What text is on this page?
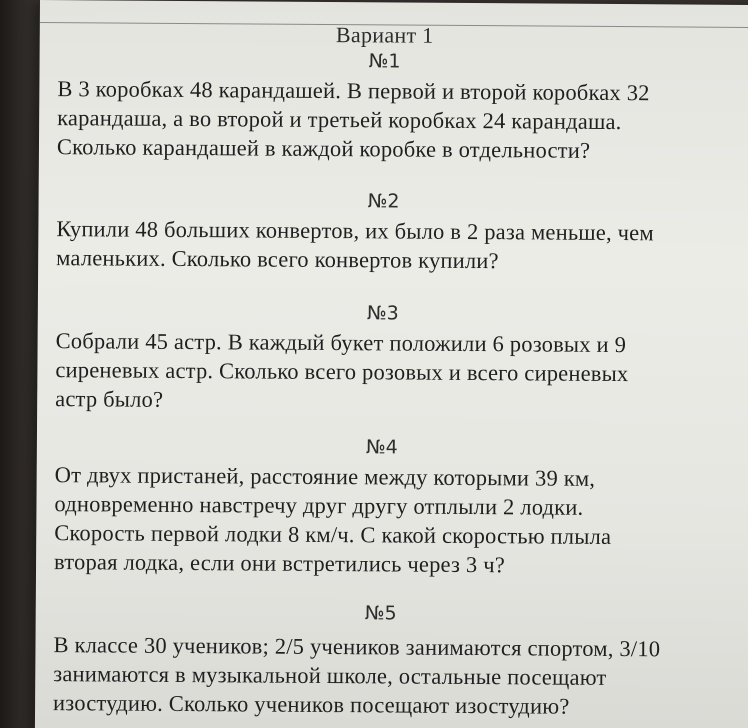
Вариант 1
№1
В 3 коробках 48 карандашей. В первой и второй коробках 32
карандаша, а во второй и третьей коробках 24 карандаша.
Сколько карандашей в каждой коробке в отдельности?
№2
Купили 48 больших конвертов, их было в 2 раза меньше, чем
маленьких. Сколько всего конвертов купили?
№3
Собрали 45 астр. В каждый букет положили 6 розовых и 9
сиреневых астр. Сколько всего розовых и всего сиреневых
астр было?
№4
От двух пристаней, расстояние между которыми 39 км,
одновременно навстречу друг другу отплыли 2 лодки.
Скорость первой лодки 8 км/ч. С какой скоростью плыла
вторая лодка, если они встретились через 3 ч?
№5
В классе 30 учеников; 2/5 учеников занимаются спортом, 3/10
занимаются в музыкальной школе, остальные посещают
изостудию. Сколько учеников посещают изостудию?
